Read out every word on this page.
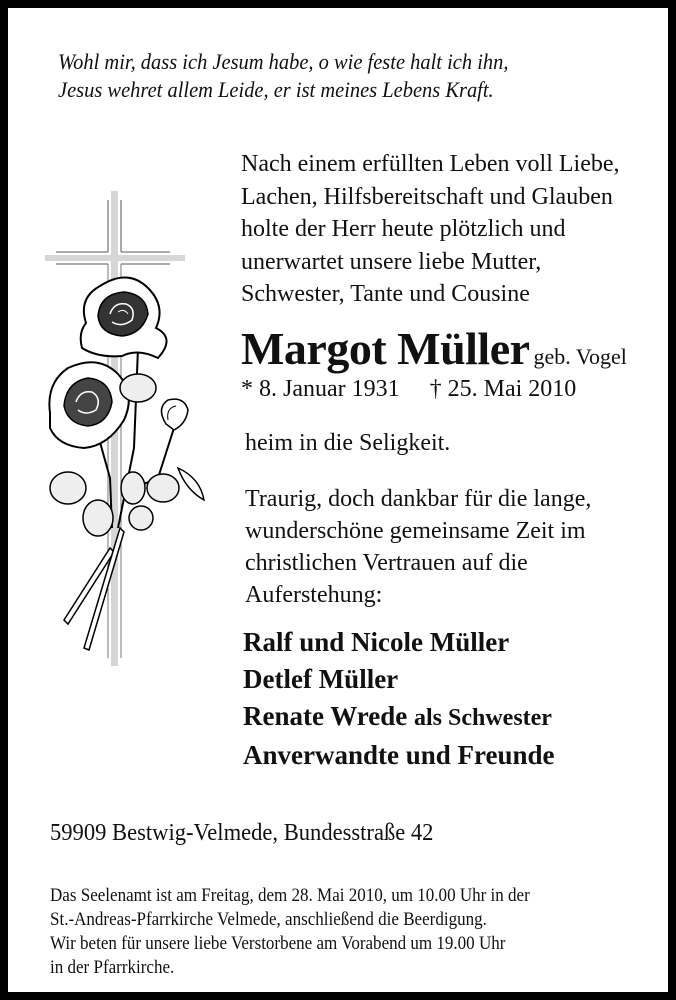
Wohl mir, dass ich Jesum habe, o wie feste halt ich ihn,
Jesus wehret allem Leide, er ist meines Lebens Kraft.
Nach einem erfüllten Leben voll Liebe,
Lachen, Hilfsbereitschaft und Glauben
holte der Herr heute plötzlich und
unerwartet unsere liebe Mutter,
Schwester, Tante und Cousine
Margot Müller geb. Vogel
* 8. Januar 1931 † 25. Mai 2010
heim in die Seligkeit.
Traurig, doch dankbar für die lange,
wunderschöne gemeinsame Zeit im
christlichen Vertrauen auf die
Auferstehung:
Ralf und Nicole Müller
Detlef Müller
Renate Wrede als Schwester
Anverwandte und Freunde
59909 Bestwig-Velmede, Bundesstraße 42
Das Seelenamt ist am Freitag, dem 28. Mai 2010, um 10.00 Uhr in der
St.-Andreas-Pfarrkirche Velmede, anschließend die Beerdigung.
Wir beten für unsere liebe Verstorbene am Vorabend um 19.00 Uhr
in der Pfarrkirche.
